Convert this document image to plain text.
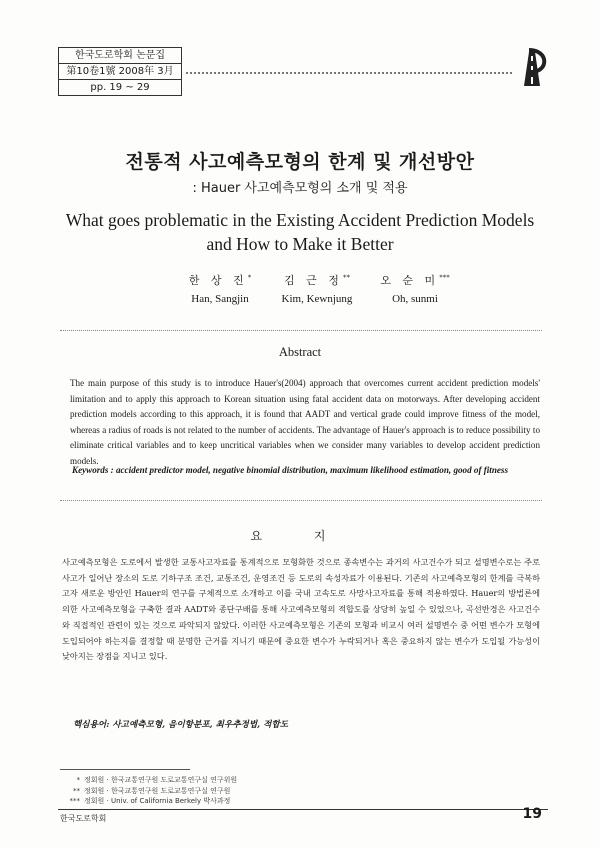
한국도로학회 논문집
第10卷1號 2008年 3月
pp. 19 ~ 29
전통적 사고예측모형의 한계 및 개선방안
: Hauer 사고예측모형의 소개 및 적용
What goes problematic in the Existing Accident Prediction Models
and How to Make it Better
한 상 진*
Han, Sangjin
김 근 정**
Kim, Kewnjung
오 순 미***
Oh, sunmi
Abstract
The main purpose of this study is to introduce Hauer's(2004) approach that overcomes current accident prediction models' limitation and to apply this approach to Korean situation using fatal accident data on motorways. After developing accident prediction models according to this approach, it is found that AADT and vertical grade could improve fitness of the model, whereas a radius of roads is not related to the number of accidents. The advantage of Hauer's approach is to reduce possibility to eliminate critical variables and to keep uncritical variables when we consider many variables to develop accident prediction models.
Keywords : accident predictor model, negative binomial distribution, maximum likelihood estimation, good of fitness
요 지
사고예측모형은 도로에서 발생한 교통사고자료를 통계적으로 모형화한 것으로 종속변수는 과거의 사고건수가 되고 설명변수로는 주로 사고가 일어난 장소의 도로 기하구조 조건, 교통조건, 운영조건 등 도로의 속성자료가 이용된다. 기존의 사고예측모형의 한계를 극복하고자 새로운 방안인 Hauer의 연구를 구체적으로 소개하고 이를 국내 고속도로 사망사고자료를 통해 적용하였다. Hauer의 방법론에 의한 사고예측모형을 구축한 결과 AADT와 종단구배를 통해 사고예측모형의 적합도를 상당히 높일 수 있었으나, 곡선반경은 사고건수와 직접적인 관련이 있는 것으로 파악되지 않았다. 이러한 사고예측모형은 기존의 모형과 비교시 여러 설명변수 중 어떤 변수가 모형에 도입되어야 하는지를 결정할 때 분명한 근거를 지니기 때문에 중요한 변수가 누락되거나 혹은 중요하지 않는 변수가 도입될 가능성이 낮아지는 장점을 지니고 있다.
핵심용어: 사고예측모형, 음이항분포, 최우추정법, 적합도
* 정회원 · 한국교통연구원 도로교통연구실 연구위원
** 정회원 · 한국교통연구원 도로교통연구실 연구원
*** 정회원 · Univ. of California Berkely 박사과정
한국도로학회	19
